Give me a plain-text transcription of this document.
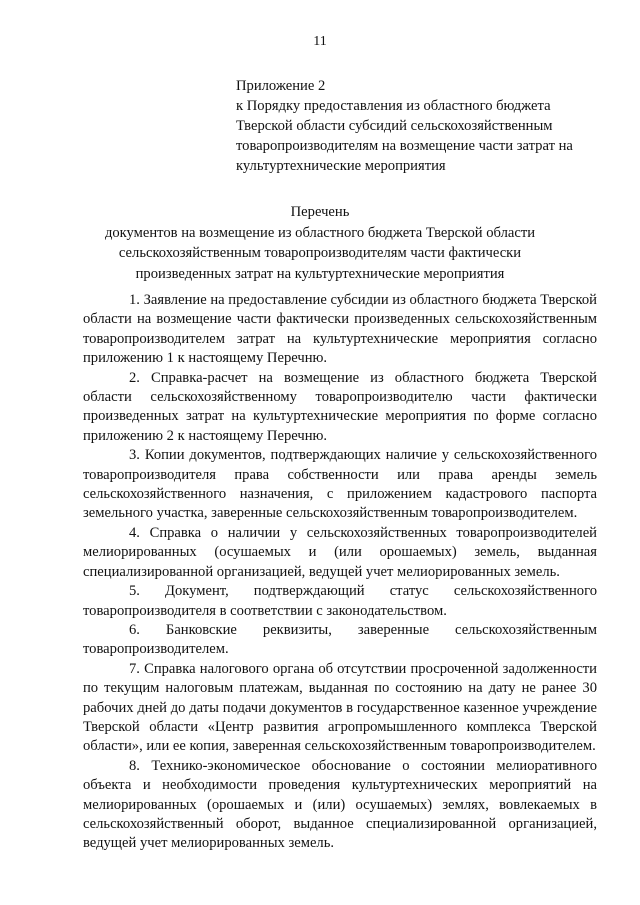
11
Приложение 2
к Порядку предоставления из областного бюджета
Тверской области субсидий сельскохозяйственным
товаропроизводителям на возмещение части затрат на
культуртехнические мероприятия
Перечень
документов на возмещение из областного бюджета Тверской области
сельскохозяйственным товаропроизводителям части фактически
произведенных затрат на культуртехнические мероприятия

1. Заявление на предоставление субсидии из областного бюджета Тверской области на возмещение части фактически произведенных сельскохозяйственным товаропроизводителем затрат на культуртехнические мероприятия согласно приложению 1 к настоящему Перечню.

2. Справка-расчет на возмещение из областного бюджета Тверской области сельскохозяйственному товаропроизводителю части фактически произведенных затрат на культуртехнические мероприятия по форме согласно приложению 2 к настоящему Перечню.

3. Копии документов, подтверждающих наличие у сельскохозяйственного товаропроизводителя права собственности или права аренды земель сельскохозяйственного назначения, с приложением кадастрового паспорта земельного участка, заверенные сельскохозяйственным товаропроизводителем.

4. Справка о наличии у сельскохозяйственных товаропроизводителей мелиорированных (осушаемых и (или орошаемых) земель, выданная специализированной организацией, ведущей учет мелиорированных земель.

5. Документ, подтверждающий статус сельскохозяйственного товаропроизводителя в соответствии с законодательством.

6. Банковские реквизиты, заверенные сельскохозяйственным товаропроизводителем.

7. Справка налогового органа об отсутствии просроченной задолженности по текущим налоговым платежам, выданная по состоянию на дату не ранее 30 рабочих дней до даты подачи документов в государственное казенное учреждение Тверской области «Центр развития агропромышленного комплекса Тверской области», или ее копия, заверенная сельскохозяйственным товаропроизводителем.

8. Технико-экономическое обоснование о состоянии мелиоративного объекта и необходимости проведения культуртехнических мероприятий на мелиорированных (орошаемых и (или) осушаемых) землях, вовлекаемых в сельскохозяйственный оборот, выданное специализированной организацией, ведущей учет мелиорированных земель.
